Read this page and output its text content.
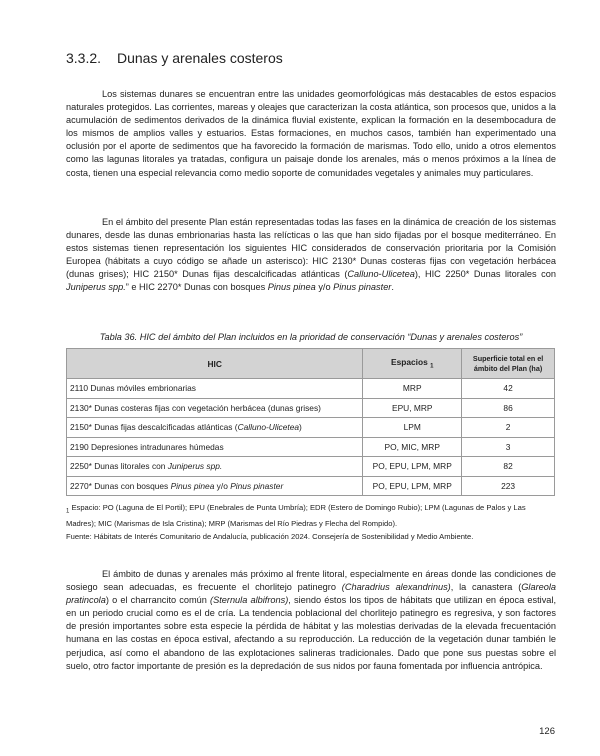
3.3.2. Dunas y arenales costeros

Los sistemas dunares se encuentran entre las unidades geomorfológicas más destacables de estos espacios naturales protegidos. Las corrientes, mareas y oleajes que caracterizan la costa atlántica, son procesos que, unidos a la acumulación de sedimentos derivados de la dinámica fluvial existente, explican la formación en la desembocadura de los mismos de amplios valles y estuarios. Estas formaciones, en muchos casos, también han experimentado una oclusión por el aporte de sedimentos que ha favorecido la formación de marismas. Todo ello, unido a otros elementos como las lagunas litorales ya tratadas, configura un paisaje donde los arenales, más o menos próximos a la línea de costa, tienen una especial relevancia como medio soporte de comunidades vegetales y animales muy particulares.

En el ámbito del presente Plan están representadas todas las fases en la dinámica de creación de los sistemas dunares, desde las dunas embrionarias hasta las relícticas o las que han sido fijadas por el bosque mediterráneo. En estos sistemas tienen representación los siguientes HIC considerados de conservación prioritaria por la Comisión Europea (hábitats a cuyo código se añade un asterisco): HIC 2130* Dunas costeras fijas con vegetación herbácea (dunas grises); HIC 2150* Dunas fijas descalcificadas atlánticas (Calluno-Ulicetea), HIC 2250* Dunas litorales con Juniperus spp.” e HIC 2270* Dunas con bosques Pinus pinea y/o Pinus pinaster.

Tabla 36. HIC del ámbito del Plan incluidos en la prioridad de conservación “Dunas y arenales costeros”
HIC	Espacios $_1$	Superficie total en el
ámbito del Plan (ha)
2110 Dunas móviles embrionarias	MRP	42
2130* Dunas costeras fijas con vegetación herbácea (dunas grises)	EPU, MRP	86
2150* Dunas fijas descalcificadas atlánticas (Calluno-Ulicetea)	LPM	2
2190 Depresiones intradunares húmedas	PO, MIC, MRP	3
2250* Dunas litorales con Juniperus spp.	PO, EPU, LPM, MRP	82
2270* Dunas con bosques Pinus pinea y/o Pinus pinaster	PO, EPU, LPM, MRP	223
$_1$ Espacio: PO (Laguna de El Portil); EPU (Enebrales de Punta Umbría); EDR (Estero de Domingo Rubio); LPM (Lagunas de Palos y Las Madres); MIC (Marismas de Isla Cristina); MRP (Marismas del Río Piedras y Flecha del Rompido).
Fuente: Hábitats de Interés Comunitario de Andalucía, publicación 2024. Consejería de Sostenibilidad y Medio Ambiente.

El ámbito de dunas y arenales más próximo al frente litoral, especialmente en áreas donde las condiciones de sosiego sean adecuadas, es frecuente el chorlitejo patinegro (Charadrius alexandrinus), la canastera (Glareola pratincola) o el charrancito común (Sternula albifrons), siendo éstos los tipos de hábitats que utilizan en época estival, en un periodo crucial como es el de cría. La tendencia poblacional del chorlitejo patinegro es regresiva, y son factores de presión importantes sobre esta especie la pérdida de hábitat y las molestias derivadas de la elevada frecuentación humana en las costas en época estival, afectando a su reproducción. La reducción de la vegetación dunar también le perjudica, así como el abandono de las explotaciones salineras tradicionales. Dado que pone sus puestas sobre el suelo, otro factor importante de presión es la depredación de sus nidos por fauna fomentada por influencia antrópica.

126
